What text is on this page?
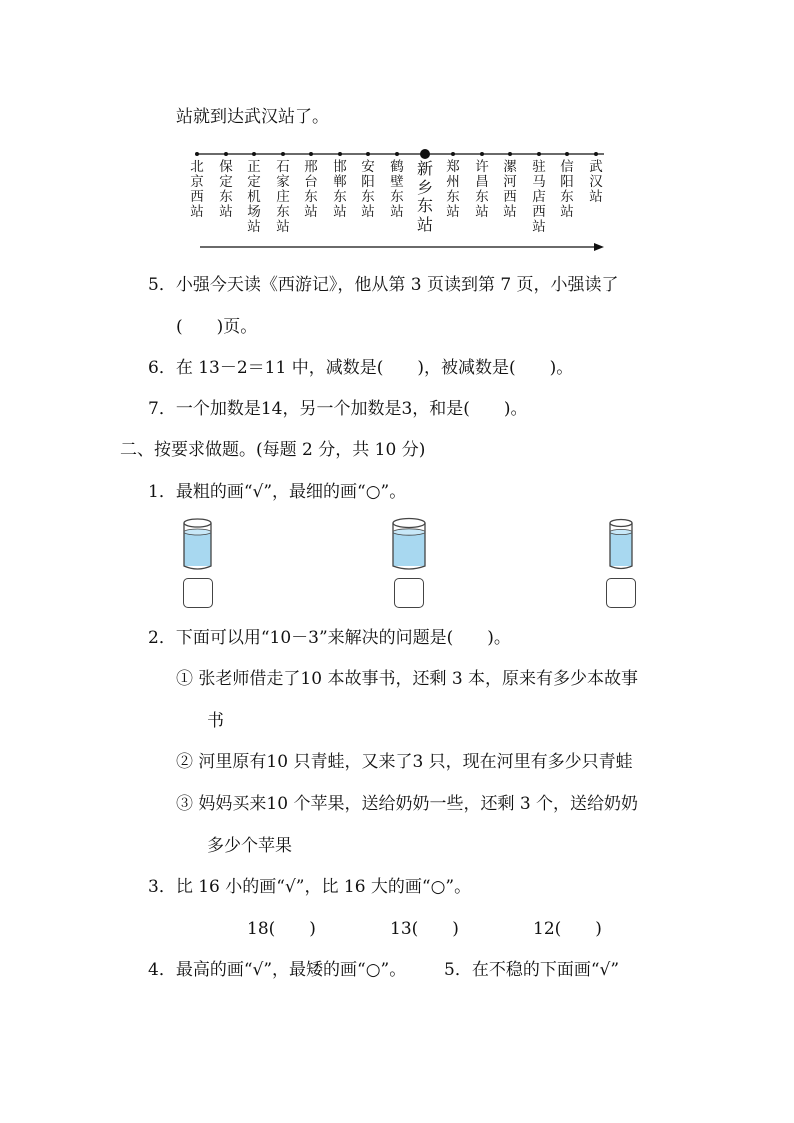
站就到达武汉站了。
北
京
西
站
保
定
东
站
正
定
机
场
站
石
家
庄
东
站
邢
台
东
站
邯
郸
东
站
安
阳
东
站
鹤
壁
东
站
新
乡
东
站
郑
州
东
站
许
昌
东
站
漯
河
西
站
驻
马
店
西
站
信
阳
东
站
武
汉
站
5．小强今天读《西游记》，他从第 3 页读到第 7 页，小强读了
(　　)页。
6．在 13－2＝11 中，减数是(　　)，被减数是(　　)。
7．一个加数是14，另一个加数是3，和是(　　)。
二、按要求做题。(每题 2 分，共 10 分)
1．最粗的画“√”，最细的画“○”。
2．下面可以用“10－3”来解决的问题是(　　)。
① 张老师借走了10 本故事书，还剩 3 本，原来有多少本故事
书
② 河里原有10 只青蛙，又来了3 只，现在河里有多少只青蛙
③ 妈妈买来10 个苹果，送给奶奶一些，还剩 3 个，送给奶奶
多少个苹果
3．比 16 小的画“√”，比 16 大的画“○”。
18(　　)	13(　　)	12(　　)
4．最高的画“√”，最矮的画“○”。 5．在不稳的下面画“√”
